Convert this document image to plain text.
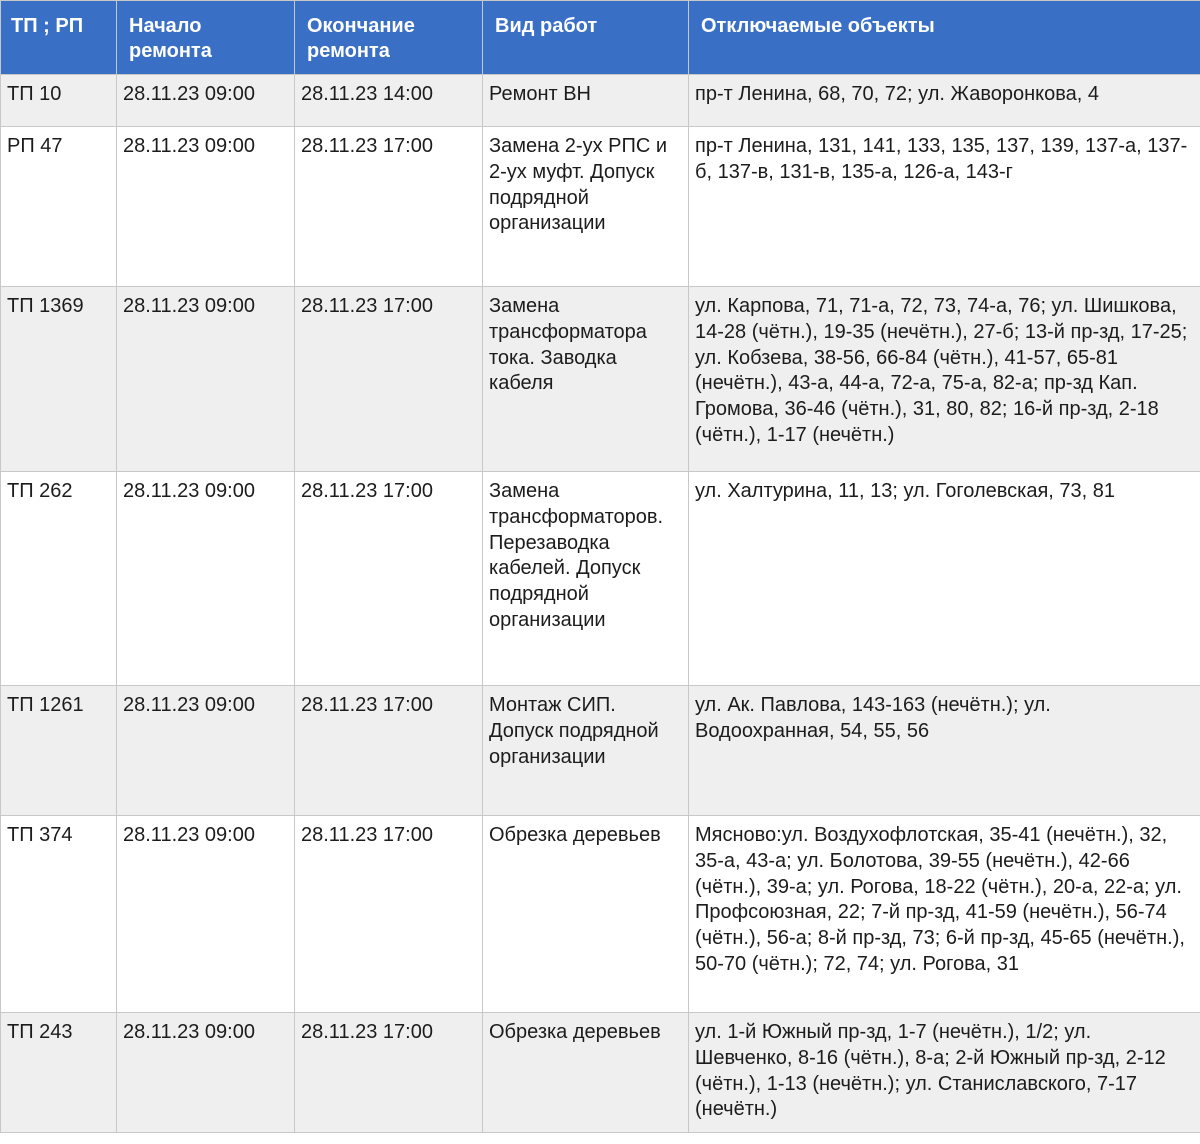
ТП ; РП	Начало ремонта	Окончание ремонта	Вид работ	Отключаемые объекты
ТП 10	28.11.23 09:00	28.11.23 14:00	Ремонт ВН	пр-т Ленина, 68, 70, 72; ул. Жаворонкова, 4
РП 47	28.11.23 09:00	28.11.23 17:00	Замена 2-ух РПС и 2-ух муфт. Допуск подрядной организации	пр-т Ленина, 131, 141, 133, 135, 137, 139, 137-а, 137-б, 137-в, 131-в, 135-а, 126-а, 143-г
ТП 1369	28.11.23 09:00	28.11.23 17:00	Замена трансформатора тока. Заводка кабеля	ул. Карпова, 71, 71-а, 72, 73, 74-а, 76; ул. Шишкова, 14-28 (чётн.), 19-35 (нечётн.), 27-б; 13-й пр-зд, 17-25; ул. Кобзева, 38-56, 66-84 (чётн.), 41-57, 65-81 (нечётн.), 43-а, 44-а, 72-а, 75-а, 82-а; пр-зд Кап. Громова, 36-46 (чётн.), 31, 80, 82; 16-й пр-зд, 2-18 (чётн.), 1-17 (нечётн.)
ТП 262	28.11.23 09:00	28.11.23 17:00	Замена трансформаторов. Перезаводка кабелей. Допуск подрядной организации	ул. Халтурина, 11, 13; ул. Гоголевская, 73, 81
ТП 1261	28.11.23 09:00	28.11.23 17:00	Монтаж СИП. Допуск подрядной организации	ул. Ак. Павлова, 143-163 (нечётн.); ул. Водоохранная, 54, 55, 56
ТП 374	28.11.23 09:00	28.11.23 17:00	Обрезка деревьев	Мясново:ул. Воздухофлотская, 35-41 (нечётн.), 32, 35-а, 43-а; ул. Болотова, 39-55 (нечётн.), 42-66 (чётн.), 39-а; ул. Рогова, 18-22 (чётн.), 20-а, 22-а; ул. Профсоюзная, 22; 7-й пр-зд, 41-59 (нечётн.), 56-74 (чётн.), 56-а; 8-й пр-зд, 73; 6-й пр-зд, 45-65 (нечётн.), 50-70 (чётн.); 72, 74; ул. Рогова, 31
ТП 243	28.11.23 09:00	28.11.23 17:00	Обрезка деревьев	ул. 1-й Южный пр-зд, 1-7 (нечётн.), 1/2; ул. Шевченко, 8-16 (чётн.), 8-а; 2-й Южный пр-зд, 2-12 (чётн.), 1-13 (нечётн.); ул. Станиславского, 7-17 (нечётн.)
